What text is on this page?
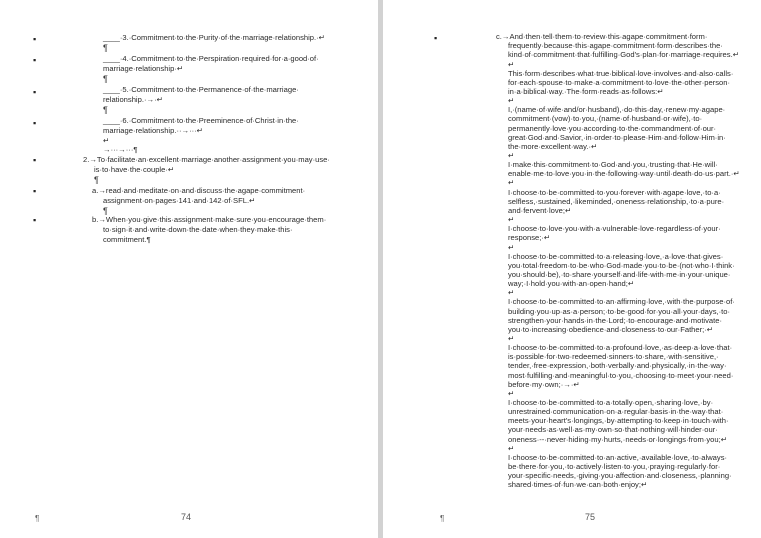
▪
▪
▪
▪
▪
▪
▪
____·3.·Commitment·to·the·Purity·of·the·marriage·relationship.·↵
¶
____·4.·Commitment·to·the·Perspiration·required·for·a·good·of·
marriage·relationship·↵
¶
____·5.·Commitment·to·the·Permanence·of·the·marriage·
relationship.·→·↵
¶
____·6.·Commitment·to·the·Preeminence·of·Christ·in·the·
marriage·relationship.··→···↵
↵
→···→···¶
2.→To·facilitate·an·excellent·marriage·another·assignment·you·may·use·
is·to·have·the·couple·↵
¶
a.→read·and·meditate·on·and·discuss·the·agape·commitment·
assignment·on·pages·141·and·142·of·SFL.↵
¶
b.→When·you·give·this·assignment·make·sure·you·encourage·them·
to·sign·it·and·write·down·the·date·when·they·make·this·
commitment.¶
¶	74
▪	c.→And·then·tell·them·to·review·this·agape·commitment·form·
frequently·because·this·agape·commitment·form·describes·the·
kind·of·commitment·that·fulfilling·God's·plan·for·marriage·requires.↵
↵
This·form·describes·what·true·biblical·love·involves·and·also·calls·
for·each·spouse·to·make·a·commitment·to·love·the·other·person·
in·a·biblical·way.·The·form·reads·as·follows:↵
↵
I,·(name·of·wife·and/or·husband),·do·this·day,·renew·my·agape·
commitment·(vow)·to·you,·(name·of·husband·or·wife),·to·
permanently·love·you·according·to·the·commandment·of·our·
great·God·and·Savior,·in·order·to·please·Him·and·follow·Him·in·
the·more·excellent·way.·↵
↵
I·make·this·commitment·to·God·and·you,·trusting·that·He·will·
enable·me·to·love·you·in·the·following·way·until·death·do·us·part.·↵
↵
I·choose·to·be·committed·to·you·forever·with·agape·love,·to·a·
selfless,·sustained,·likeminded,·oneness·relationship,·to·a·pure·
and·fervent·love;↵
↵
I·choose·to·love·you·with·a·vulnerable·love·regardless·of·your·
response;·↵
↵
I·choose·to·be·committed·to·a·releasing·love,·a·love·that·gives·
you·total·freedom·to·be·who·God·made·you·to·be·(not·who·I·think·
you·should·be),·to·share·yourself·and·life·with·me·in·your·unique·
way;·I·hold·you·with·an·open·hand;↵
↵
I·choose·to·be·committed·to·an·affirming·love,·with·the·purpose·of·
building·you·up·as·a·person;·to·be·good·for·you·all·your·days,·to·
strengthen·your·hands·in·the·Lord;·to·encourage·and·motivate·
you·to·increasing·obedience·and·closeness·to·our·Father;·↵
↵
I·choose·to·be·committed·to·a·profound·love,·as·deep·a·love·that·
is·possible·for·two·redeemed·sinners·to·share,·with·sensitive,·
tender,·free·expression,·both·verbally·and·physically,·in·the·way·
most·fulfilling·and·meaningful·to·you,·choosing·to·meet·your·need·
before·my·own;·→·↵
↵
I·choose·to·be·committed·to·a·totally·open,·sharing·love,·by·
unrestrained·communication·on·a·regular·basis·in·the·way·that·
meets·your·heart's·longings,·by·attempting·to·keep·in·touch·with·
your·needs·as·well·as·my·own·so·that·nothing·will·hinder·our·
oneness·--·never·hiding·my·hurts,·needs·or·longings·from·you;↵
↵
I·choose·to·be·committed·to·an·active,·available·love,·to·always·
be·there·for·you,·to·actively·listen·to·you,·praying·regularly·for·
your·specific·needs,·giving·you·affection·and·closeness,·planning·
shared·times·of·fun·we·can·both·enjoy;↵
¶	75
